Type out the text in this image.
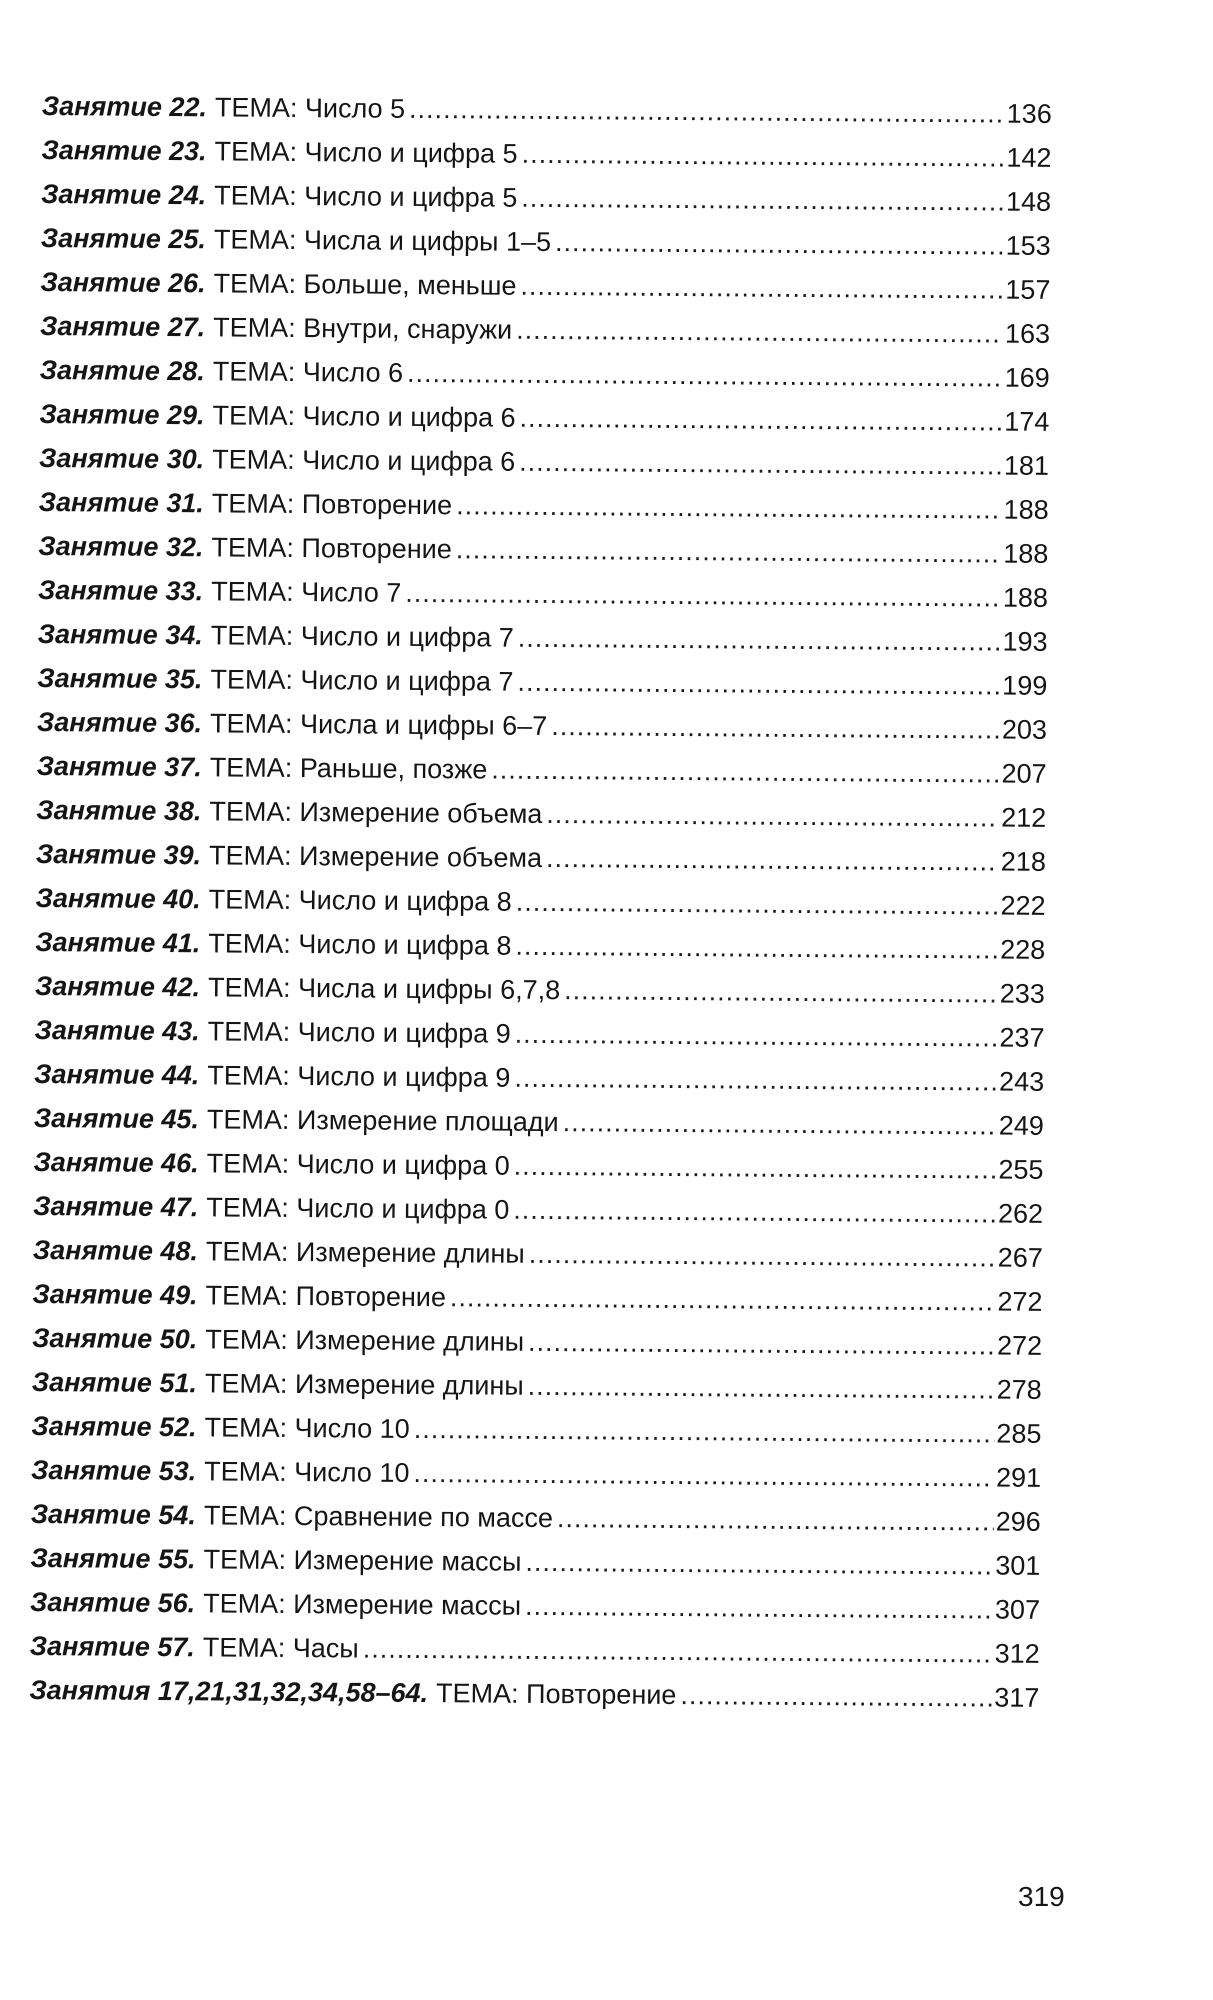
Занятие 22. ТЕМА: Число 5 .....	136
Занятие 23. ТЕМА: Число и цифра 5 .....	142
Занятие 24. ТЕМА: Число и цифра 5 .....	148
Занятие 25. ТЕМА: Числа и цифры 1–5 .....	153
Занятие 26. ТЕМА: Больше, меньше .....	157
Занятие 27. ТЕМА: Внутри, снаружи .....	163
Занятие 28. ТЕМА: Число 6 .....	169
Занятие 29. ТЕМА: Число и цифра 6 .....	174
Занятие 30. ТЕМА: Число и цифра 6 .....	181
Занятие 31. ТЕМА: Повторение .....	188
Занятие 32. ТЕМА: Повторение .....	188
Занятие 33. ТЕМА: Число 7 .....	188
Занятие 34. ТЕМА: Число и цифра 7 .....	193
Занятие 35. ТЕМА: Число и цифра 7 .....	199
Занятие 36. ТЕМА: Числа и цифры 6–7 .....	203
Занятие 37. ТЕМА: Раньше, позже .....	207
Занятие 38. ТЕМА: Измерение объема .....	212
Занятие 39. ТЕМА: Измерение объема .....	218
Занятие 40. ТЕМА: Число и цифра 8 .....	222
Занятие 41. ТЕМА: Число и цифра 8 .....	228
Занятие 42. ТЕМА: Числа и цифры 6,7,8 .....	233
Занятие 43. ТЕМА: Число и цифра 9 .....	237
Занятие 44. ТЕМА: Число и цифра 9 .....	243
Занятие 45. ТЕМА: Измерение площади .....	249
Занятие 46. ТЕМА: Число и цифра 0 .....	255
Занятие 47. ТЕМА: Число и цифра 0 .....	262
Занятие 48. ТЕМА: Измерение длины .....	267
Занятие 49. ТЕМА: Повторение .....	272
Занятие 50. ТЕМА: Измерение длины .....	272
Занятие 51. ТЕМА: Измерение длины .....	278
Занятие 52. ТЕМА: Число 10 .....	285
Занятие 53. ТЕМА: Число 10 .....	291
Занятие 54. ТЕМА: Сравнение по массе .....	296
Занятие 55. ТЕМА: Измерение массы .....	301
Занятие 56. ТЕМА: Измерение массы .....	307
Занятие 57. ТЕМА: Часы .....	312
Занятия 17,21,31,32,34,58–64. ТЕМА: Повторение .....	317
319
